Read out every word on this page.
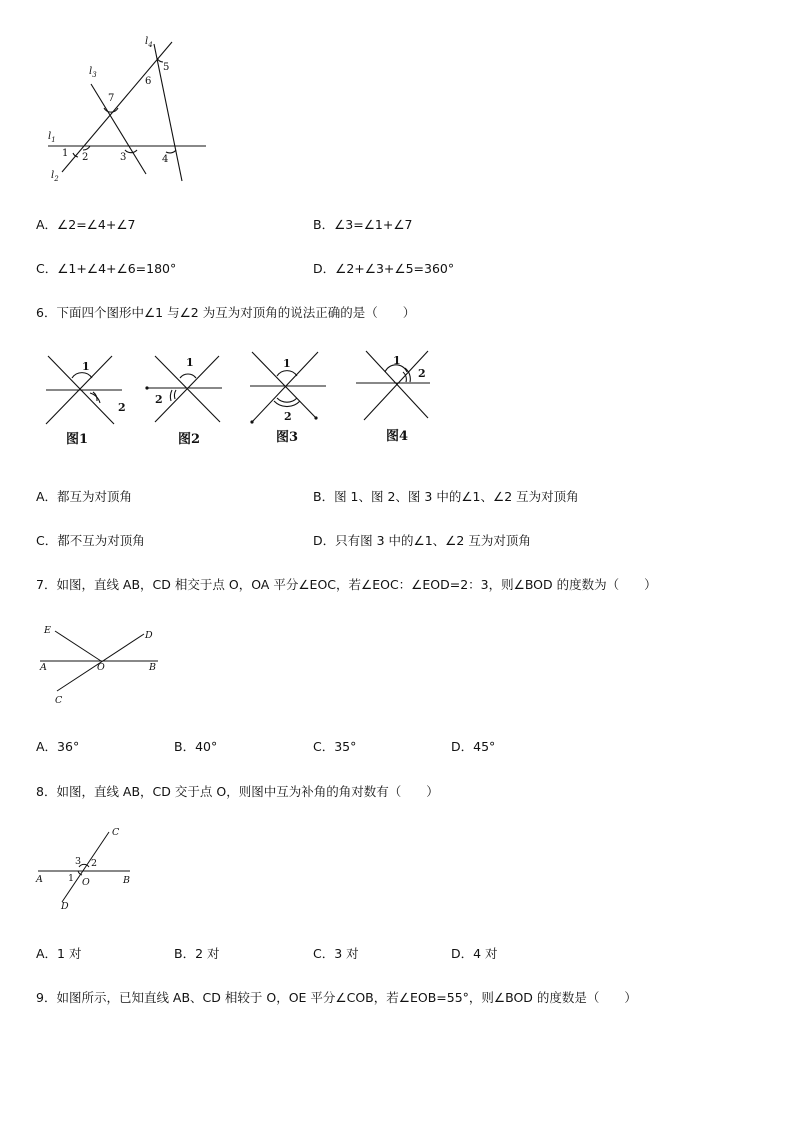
$l_1$
$l_2$
$l_3$
$l_4$
1 2	3	4
5
6
7
A．∠2=∠4+∠7	B．∠3=∠1+∠7
C．∠1+∠4+∠6=180°	D．∠2+∠3+∠5=360°
6．下面四个图形中∠1 与∠2 为互为对顶角的说法正确的是（　　）
1
2
1
2
1
2
1
2
图1	图2	图3	图4
A．都互为对顶角	B．图 1、图 2、图 3 中的∠1、∠2 互为对顶角
C．都不互为对顶角	D．只有图 3 中的∠1、∠2 互为对顶角
7．如图，直线 AB，CD 相交于点 O，OA 平分∠EOC，若∠EOC：∠EOD=2：3，则∠BOD 的度数为（　　）
E	D
A	O	B
C
A．36°	B．40°	C．35°	D．45°
8．如图，直线 AB，CD 交于点 O，则图中互为补角的角对数有（　　）
C
3 2
A	1 O	B
D
A．1 对	B．2 对	C．3 对	D．4 对
9．如图所示，已知直线 AB、CD 相较于 O，OE 平分∠COB，若∠EOB=55°，则∠BOD 的度数是（　　）
